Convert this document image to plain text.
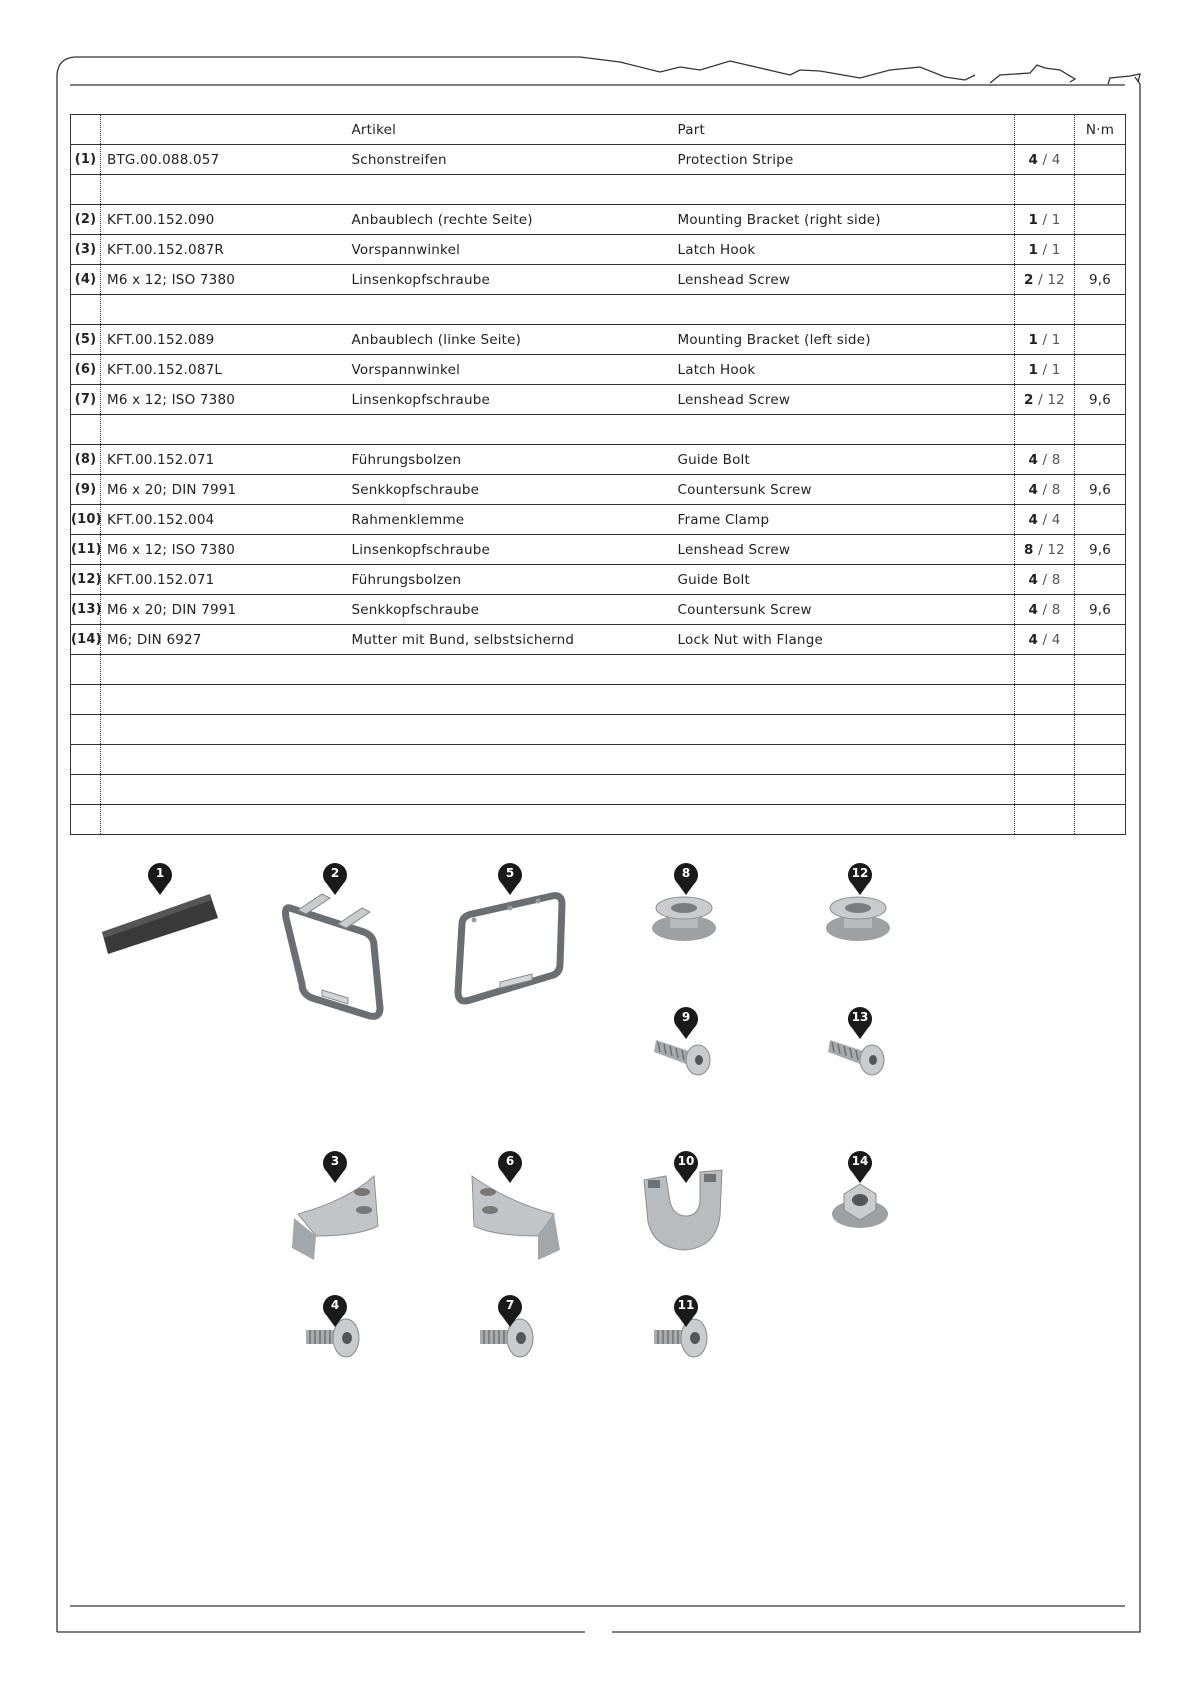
		Artikel	Part		N·m
(1)	BTG.00.088.057	Schonstreifen	Protection Stripe	4 / 4	

(2)	KFT.00.152.090	Anbaublech (rechte Seite)	Mounting Bracket (right side)	1 / 1	
(3)	KFT.00.152.087R	Vorspannwinkel	Latch Hook	1 / 1	
(4)	M6 x 12; ISO 7380	Linsenkopfschraube	Lenshead Screw	2 / 12	9,6

(5)	KFT.00.152.089	Anbaublech (linke Seite)	Mounting Bracket (left side)	1 / 1	
(6)	KFT.00.152.087L	Vorspannwinkel	Latch Hook	1 / 1	
(7)	M6 x 12; ISO 7380	Linsenkopfschraube	Lenshead Screw	2 / 12	9,6

(8)	KFT.00.152.071	Führungsbolzen	Guide Bolt	4 / 8	
(9)	M6 x 20; DIN 7991	Senkkopfschraube	Countersunk Screw	4 / 8	9,6
(10)	KFT.00.152.004	Rahmenklemme	Frame Clamp	4 / 4	
(11)	M6 x 12; ISO 7380	Linsenkopfschraube	Lenshead Screw	8 / 12	9,6
(12)	KFT.00.152.071	Führungsbolzen	Guide Bolt	4 / 8	
(13)	M6 x 20; DIN 7991	Senkkopfschraube	Countersunk Screw	4 / 8	9,6
(14)	M6; DIN 6927	Mutter mit Bund, selbstsichernd	Lock Nut with Flange	4 / 4	

1	2	5	8	12
9	13
3	6	10	14
4	7	11
